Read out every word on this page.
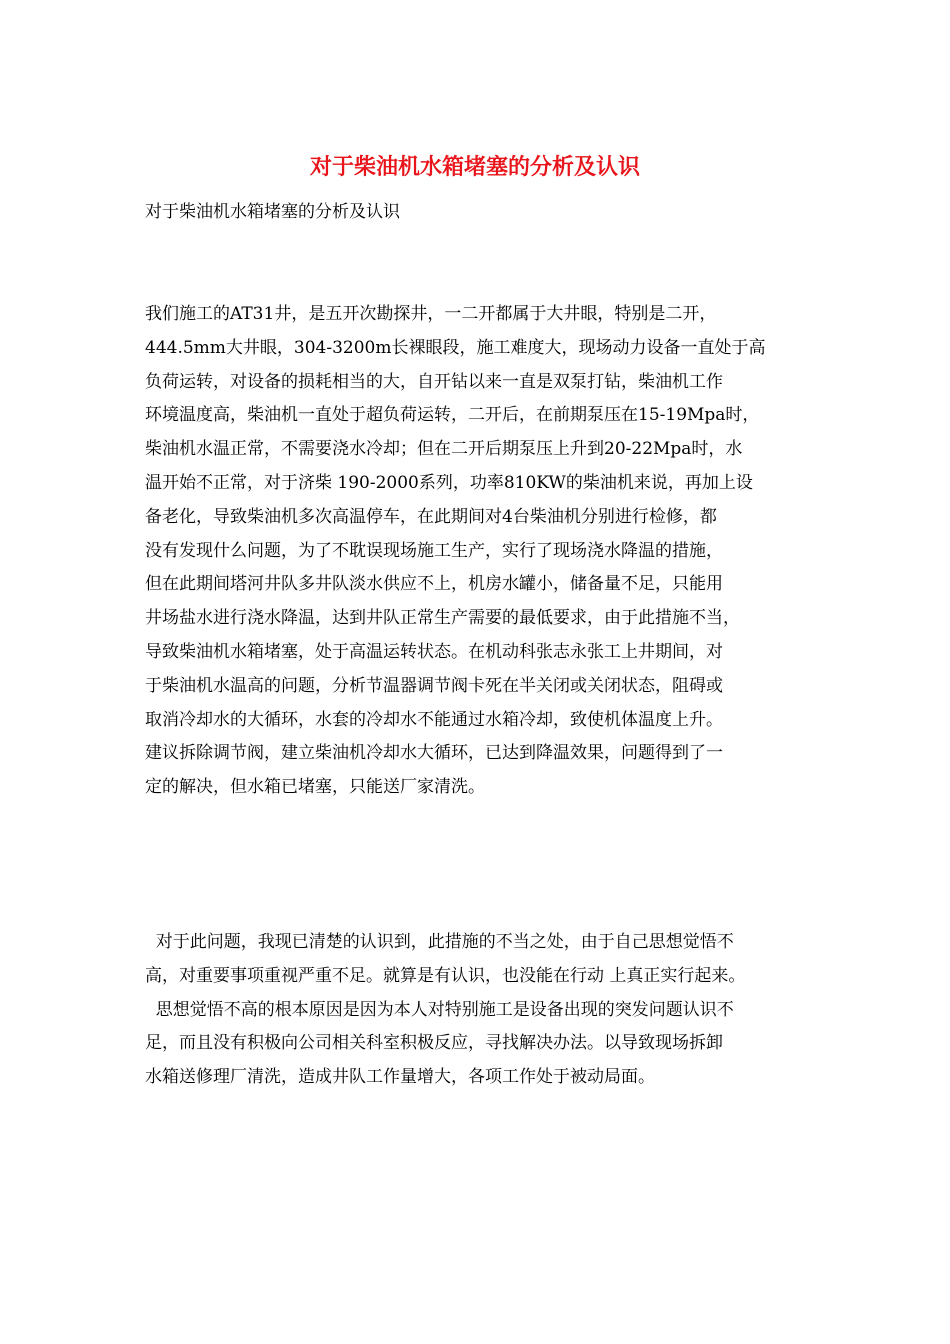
对于柴油机水箱堵塞的分析及认识
对于柴油机水箱堵塞的分析及认识
我们施工的AT31井，是五开次勘探井，一二开都属于大井眼，特别是二开，
444.5mm大井眼，304-3200m长裸眼段，施工难度大，现场动力设备一直处于高
负荷运转，对设备的损耗相当的大，自开钻以来一直是双泵打钻，柴油机工作
环境温度高，柴油机一直处于超负荷运转，二开后，在前期泵压在15-19Mpa时，
柴油机水温正常，不需要浇水冷却；但在二开后期泵压上升到20-22Mpa时，水
温开始不正常，对于济柴 190-2000系列，功率810KW的柴油机来说，再加上设
备老化，导致柴油机多次高温停车，在此期间对4台柴油机分别进行检修，都
没有发现什么问题，为了不耽误现场施工生产，实行了现场浇水降温的措施，
但在此期间塔河井队多井队淡水供应不上，机房水罐小，储备量不足，只能用
井场盐水进行浇水降温，达到井队正常生产需要的最低要求，由于此措施不当，
导致柴油机水箱堵塞，处于高温运转状态。在机动科张志永张工上井期间，对
于柴油机水温高的问题，分析节温器调节阀卡死在半关闭或关闭状态，阻碍或
取消冷却水的大循环，水套的冷却水不能通过水箱冷却，致使机体温度上升。
建议拆除调节阀，建立柴油机冷却水大循环，已达到降温效果，问题得到了一
定的解决，但水箱已堵塞，只能送厂家清洗。
对于此问题，我现已清楚的认识到，此措施的不当之处，由于自己思想觉悟不
高，对重要事项重视严重不足。就算是有认识，也没能在行动 上真正实行起来。
思想觉悟不高的根本原因是因为本人对特别施工是设备出现的突发问题认识不
足，而且没有积极向公司相关科室积极反应，寻找解决办法。以导致现场拆卸
水箱送修理厂清洗，造成井队工作量增大，各项工作处于被动局面。
